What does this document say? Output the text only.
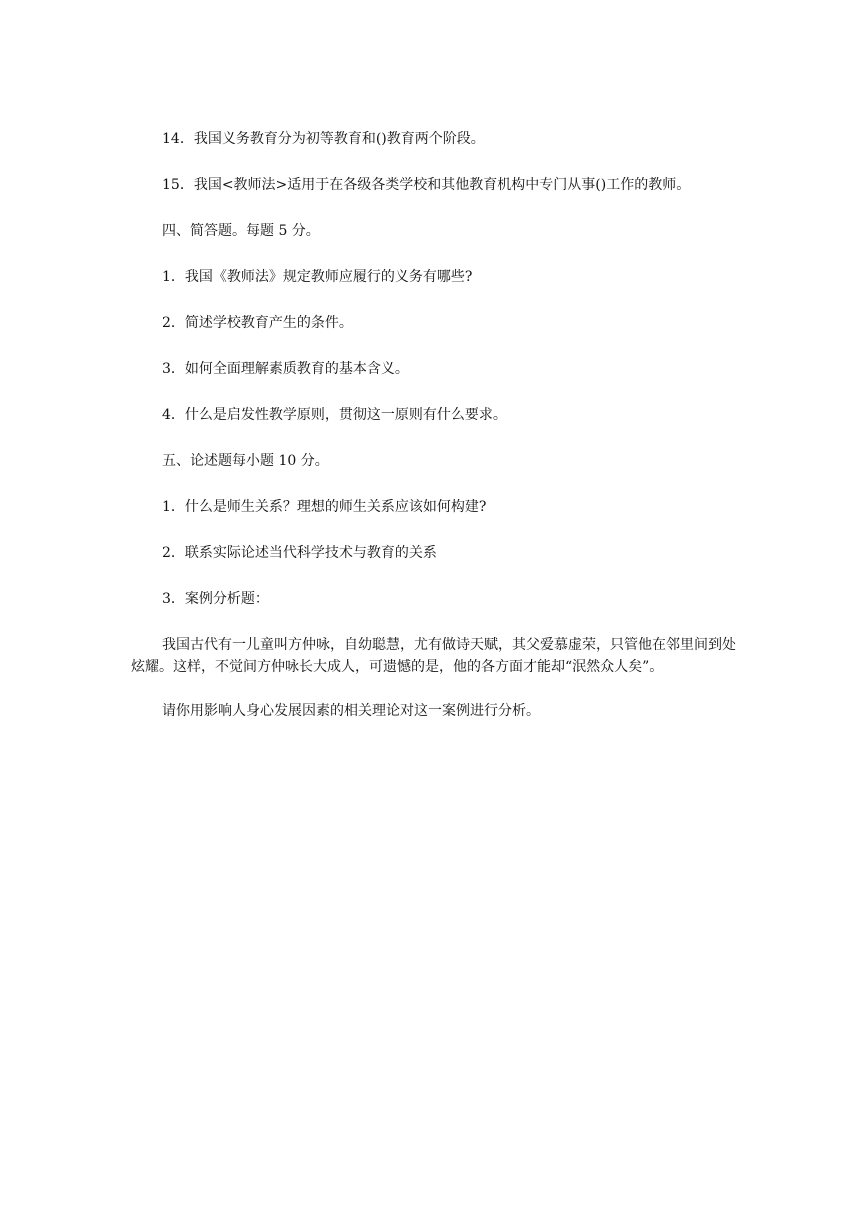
14．我国义务教育分为初等教育和()教育两个阶段。

15．我国<教师法>适用于在各级各类学校和其他教育机构中专门从事()工作的教师。

四、简答题。每题 5 分。

1．我国《教师法》规定教师应履行的义务有哪些?

2．简述学校教育产生的条件。

3．如何全面理解素质教育的基本含义。

4．什么是启发性教学原则，贯彻这一原则有什么要求。

五、论述题每小题 10 分。

1．什么是师生关系？理想的师生关系应该如何构建?

2．联系实际论述当代科学技术与教育的关系

3．案例分析题：

我国古代有一儿童叫方仲咏，自幼聪慧，尤有做诗天赋，其父爱慕虚荣，只管他在邻里间到处炫耀。这样，不觉间方仲咏长大成人，可遗憾的是，他的各方面才能却“泯然众人矣”。

请你用影响人身心发展因素的相关理论对这一案例进行分析。
